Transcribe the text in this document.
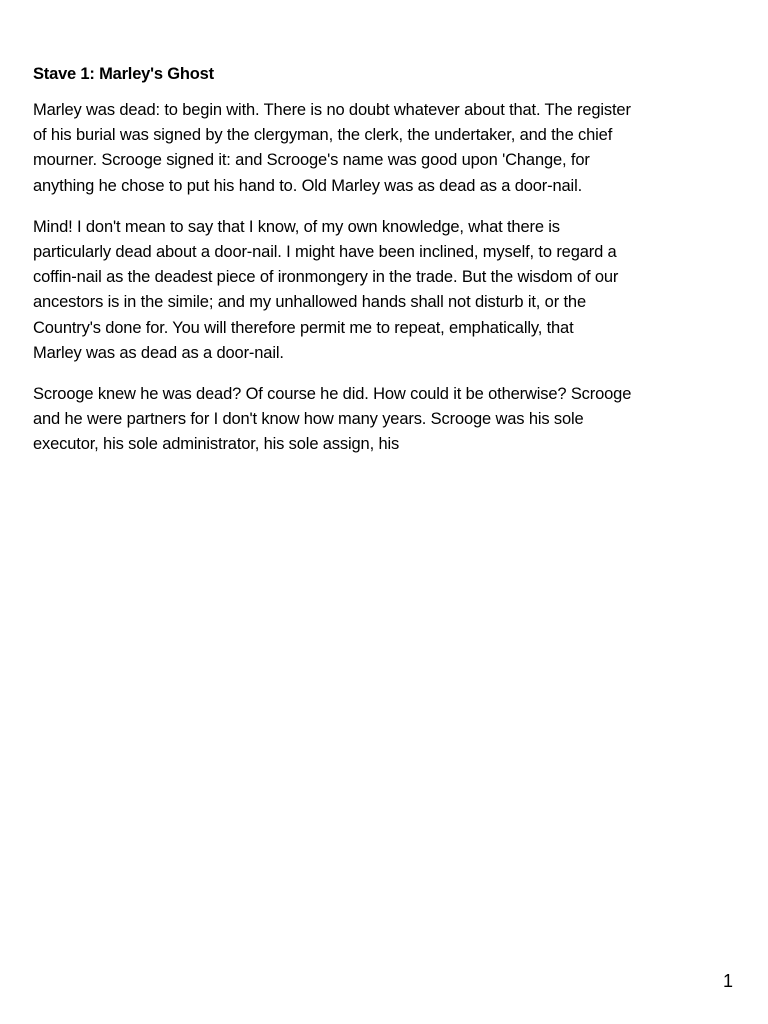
Stave 1: Marley's Ghost
Marley was dead: to begin with. There is no doubt whatever about that. The register
of his burial was signed by the clergyman, the clerk, the undertaker, and the chief
mourner. Scrooge signed it: and Scrooge's name was good upon 'Change, for
anything he chose to put his hand to. Old Marley was as dead as a door-nail.
Mind! I don't mean to say that I know, of my own knowledge, what there is
particularly dead about a door-nail. I might have been inclined, myself, to regard a
coffin-nail as the deadest piece of ironmongery in the trade. But the wisdom of our
ancestors is in the simile; and my unhallowed hands shall not disturb it, or the
Country's done for. You will therefore permit me to repeat, emphatically, that
Marley was as dead as a door-nail.
Scrooge knew he was dead? Of course he did. How could it be otherwise? Scrooge
and he were partners for I don't know how many years. Scrooge was his sole
executor, his sole administrator, his sole assign, his
1
